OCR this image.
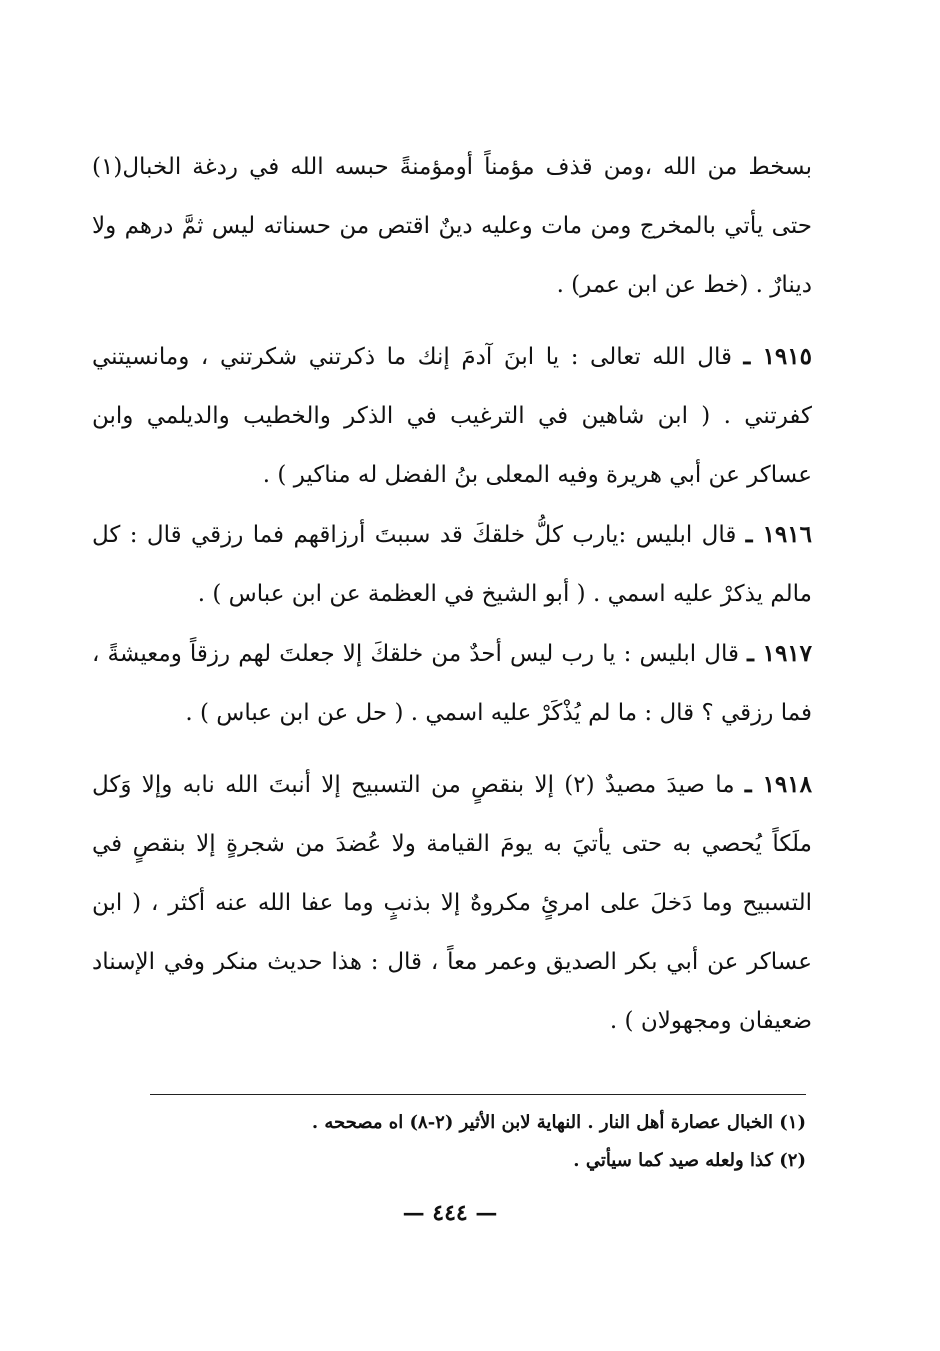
بسخط من الله ،ومن قذف مؤمناً أومؤمنةً حبسه الله في ردغة الخبال(١) حتى يأتي بالمخرج ومن مات وعليه دينٌ اقتص من حسناته ليس ثمَّ درهم ولا دينارٌ . (خط عن ابن عمر) .

١٩١٥ ـ قال الله تعالى : يا ابنَ آدمَ إنك ما ذكرتني شكرتني ، ومانسيتني كفرتني . ( ابن شاهين في الترغيب في الذكر والخطيب والديلمي وابن عساكر عن أبي هريرة وفيه المعلى بنُ الفضل له مناكير ) .

١٩١٦ ـ قال ابليس :يارب كلُّ خلقكَ قد سببتَ أرزاقهم فما رزقي قال : كل مالم يذكرْ عليه اسمي . ( أبو الشيخ في العظمة عن ابن عباس ) .

١٩١٧ ـ قال ابليس : يا رب ليس أحدٌ من خلقكَ إلا جعلتَ لهم رزقاً ومعيشةً ، فما رزقي ؟ قال : ما لم يُذْكَرْ عليه اسمي . ( حل عن ابن عباس ) .

١٩١٨ ـ ما صيدَ مصيدٌ (٢) إلا بنقصٍ من التسبيح إلا أنبتَ الله نابه وإلا وَكل ملَكاً يُحصي به حتى يأتيَ به يومَ القيامة ولا عُضدَ من شجرةٍ إلا بنقصٍ في التسبيح وما دَخلَ على امرئٍ مكروهٌ إلا بذنبٍ وما عفا الله عنه أكثر ، ( ابن عساكر عن أبي بكر الصديق وعمر معاً ، قال : هذا حديث منكر وفي الإسناد ضعيفان ومجهولان ) .

(١) الخبال عصارة أهل النار . النهاية لابن الأثير (٢-٨) اه مصححه .
(٢) كذا ولعله صيد كما سيأتي .
— ٤٤٤ —
